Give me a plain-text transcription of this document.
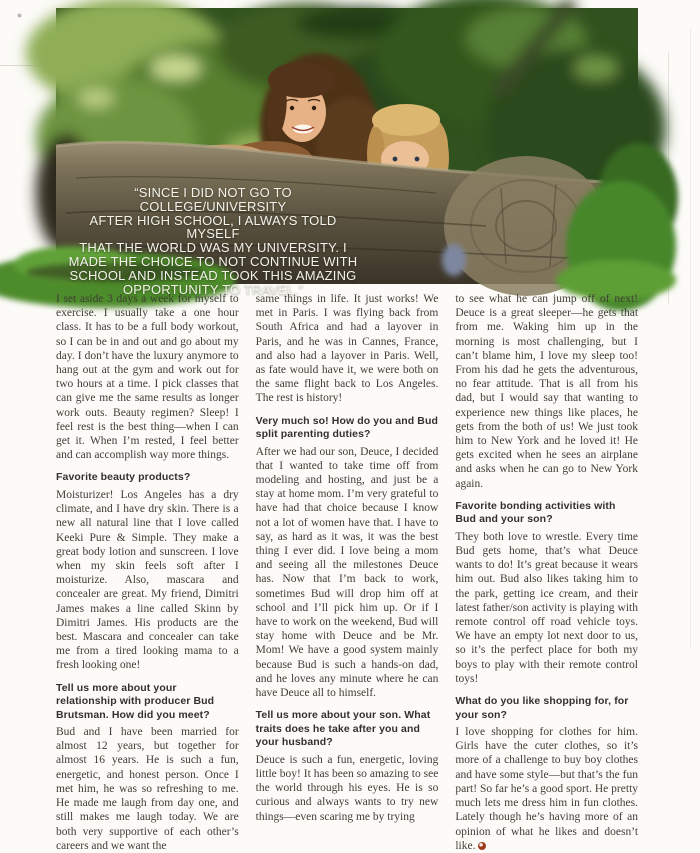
“SINCE I DID NOT GO TO COLLEGE/UNIVERSITY
AFTER HIGH SCHOOL, I ALWAYS TOLD MYSELF
THAT THE WORLD WAS MY UNIVERSITY. I
MADE THE CHOICE TO NOT CONTINUE WITH
SCHOOL AND INSTEAD TOOK THIS AMAZING
OPPORTUNITY TO TRAVEL.”

I set aside 3 days a week for myself to exercise. I usually take a one hour class. It has to be a full body workout, so I can be in and out and go about my day. I don’t have the luxury anymore to hang out at the gym and work out for two hours at a time. I pick classes that can give me the same results as longer work outs. Beauty regimen? Sleep! I feel rest is the best thing—when I can get it. When I’m rested, I feel better and can accomplish way more things.

Favorite beauty products?

Moisturizer! Los Angeles has a dry climate, and I have dry skin. There is a new all natural line that I love called Keeki Pure & Simple. They make a great body lotion and sunscreen. I love when my skin feels soft after I moisturize. Also, mascara and concealer are great. My friend, Dimitri James makes a line called Skinn by Dimitri James. His products are the best. Mascara and concealer can take me from a tired looking mama to a fresh looking one!

Tell us more about your relationship with producer Bud Brutsman. How did you meet?

Bud and I have been married for almost 12 years, but together for almost 16 years. He is such a fun, energetic, and honest person. Once I met him, he was so refreshing to me. He made me laugh from day one, and still makes me laugh today. We are both very supportive of each other’s careers and we want the

same things in life. It just works! We met in Paris. I was flying back from South Africa and had a layover in Paris, and he was in Cannes, France, and also had a layover in Paris. Well, as fate would have it, we were both on the same flight back to Los Angeles. The rest is history!

Very much so! How do you and Bud split parenting duties?

After we had our son, Deuce, I decided that I wanted to take time off from modeling and hosting, and just be a stay at home mom. I’m very grateful to have had that choice because I know not a lot of women have that. I have to say, as hard as it was, it was the best thing I ever did. I love being a mom and seeing all the milestones Deuce has. Now that I’m back to work, sometimes Bud will drop him off at school and I’ll pick him up. Or if I have to work on the weekend, Bud will stay home with Deuce and be Mr. Mom! We have a good system mainly because Bud is such a hands-on dad, and he loves any minute where he can have Deuce all to himself.

Tell us more about your son. What traits does he take after you and your husband?

Deuce is such a fun, energetic, loving little boy! It has been so amazing to see the world through his eyes. He is so curious and always wants to try new things—even scaring me by trying

to see what he can jump off of next! Deuce is a great sleeper—he gets that from me. Waking him up in the morning is most challenging, but I can’t blame him, I love my sleep too! From his dad he gets the adventurous, no fear attitude. That is all from his dad, but I would say that wanting to experience new things like places, he gets from the both of us! We just took him to New York and he loved it! He gets excited when he sees an airplane and asks when he can go to New York again.

Favorite bonding activities with Bud and your son?

They both love to wrestle. Every time Bud gets home, that’s what Deuce wants to do! It’s great because it wears him out. Bud also likes taking him to the park, getting ice cream, and their latest father/son activity is playing with remote control off road vehicle toys. We have an empty lot next door to us, so it’s the perfect place for both my boys to play with their remote control toys!

What do you like shopping for, for your son?

I love shopping for clothes for him. Girls have the cuter clothes, so it’s more of a challenge to buy boy clothes and have some style—but that’s the fun part! So far he’s a good sport. He pretty much lets me dress him in fun clothes. Lately though he’s having more of an opinion of what he likes and doesn’t like.
